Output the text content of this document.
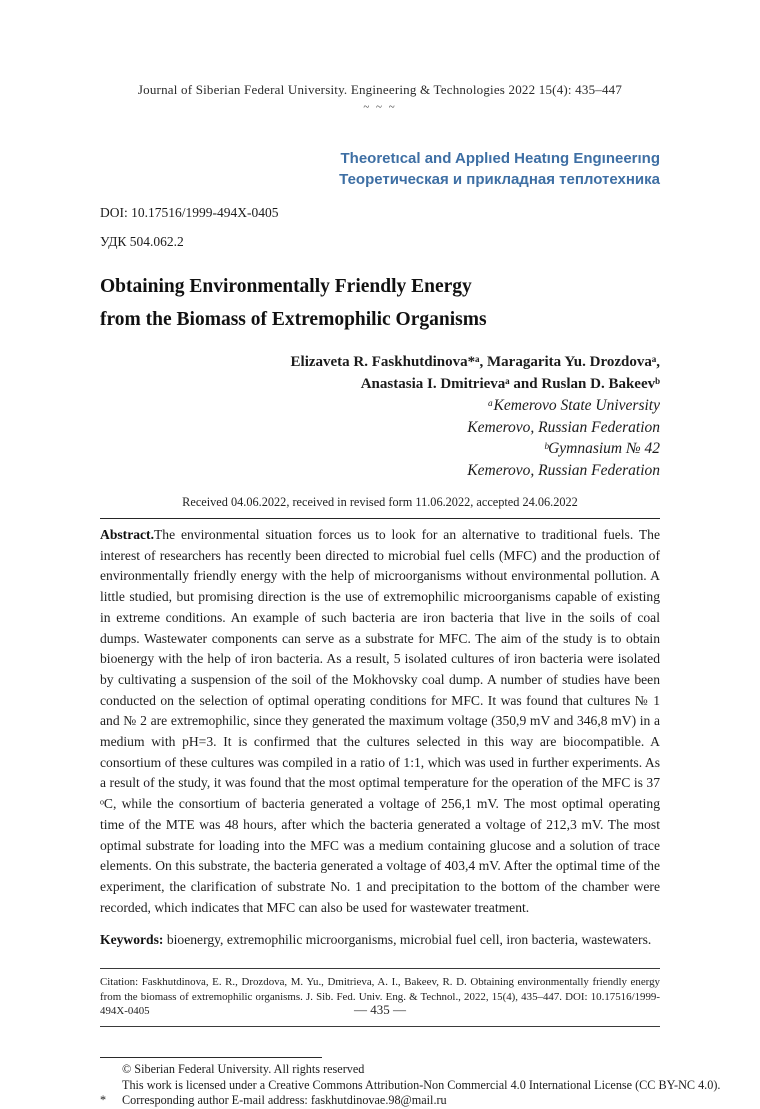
Journal of Siberian Federal University. Engineering & Technologies 2022 15(4): 435–447
~ ~ ~
Theoretıcal and Applıed Heatıng Engıneerıng
Теоретическая и прикладная теплотехника
DOI: 10.17516/1999-494X-0405
УДК 504.062.2
Obtaining Environmentally Friendly Energy
from the Biomass of Extremophilic Organisms
Elizaveta R. Faskhutdinova*ᵃ, Maragarita Yu. Drozdovaᵃ,
Anastasia I. Dmitrievaᵃ and Ruslan D. Bakeevᵇ
ᵃKemerovo State University
Kemerovo, Russian Federation
ᵇGymnasium № 42
Kemerovo, Russian Federation
Received 04.06.2022, received in revised form 11.06.2022, accepted 24.06.2022

Abstract.The environmental situation forces us to look for an alternative to traditional fuels. The interest of researchers has recently been directed to microbial fuel cells (MFC) and the production of environmentally friendly energy with the help of microorganisms without environmental pollution. A little studied, but promising direction is the use of extremophilic microorganisms capable of existing in extreme conditions. An example of such bacteria are iron bacteria that live in the soils of coal dumps. Wastewater components can serve as a substrate for MFC. The aim of the study is to obtain bioenergy with the help of iron bacteria. As a result, 5 isolated cultures of iron bacteria were isolated by cultivating a suspension of the soil of the Mokhovsky coal dump. A number of studies have been conducted on the selection of optimal operating conditions for MFC. It was found that cultures № 1 and № 2 are extremophilic, since they generated the maximum voltage (350,9 mV and 346,8 mV) in a medium with pH=3. It is confirmed that the cultures selected in this way are biocompatible. A consortium of these cultures was compiled in a ratio of 1:1, which was used in further experiments. As a result of the study, it was found that the most optimal temperature for the operation of the MFC is 37 ᵒC, while the consortium of bacteria generated a voltage of 256,1 mV. The most optimal operating time of the MTE was 48 hours, after which the bacteria generated a voltage of 212,3 mV. The most optimal substrate for loading into the MFC was a medium containing glucose and a solution of trace elements. On this substrate, the bacteria generated a voltage of 403,4 mV. After the optimal time of the experiment, the clarification of substrate No. 1 and precipitation to the bottom of the chamber were recorded, which indicates that MFC can also be used for wastewater treatment.

Keywords: bioenergy, extremophilic microorganisms, microbial fuel cell, iron bacteria, wastewaters.

Citation: Faskhutdinova, E. R., Drozdova, M. Yu., Dmitrieva, A. I., Bakeev, R. D. Obtaining environmentally friendly energy from the biomass of extremophilic organisms. J. Sib. Fed. Univ. Eng. & Technol., 2022, 15(4), 435–447. DOI: 10.17516/1999-494X-0405
© Siberian Federal University. All rights reserved
This work is licensed under a Creative Commons Attribution-Non Commercial 4.0 International License (CC BY-NC 4.0).
*	Corresponding author E-mail address: faskhutdinovae.98@mail.ru
— 435 —
